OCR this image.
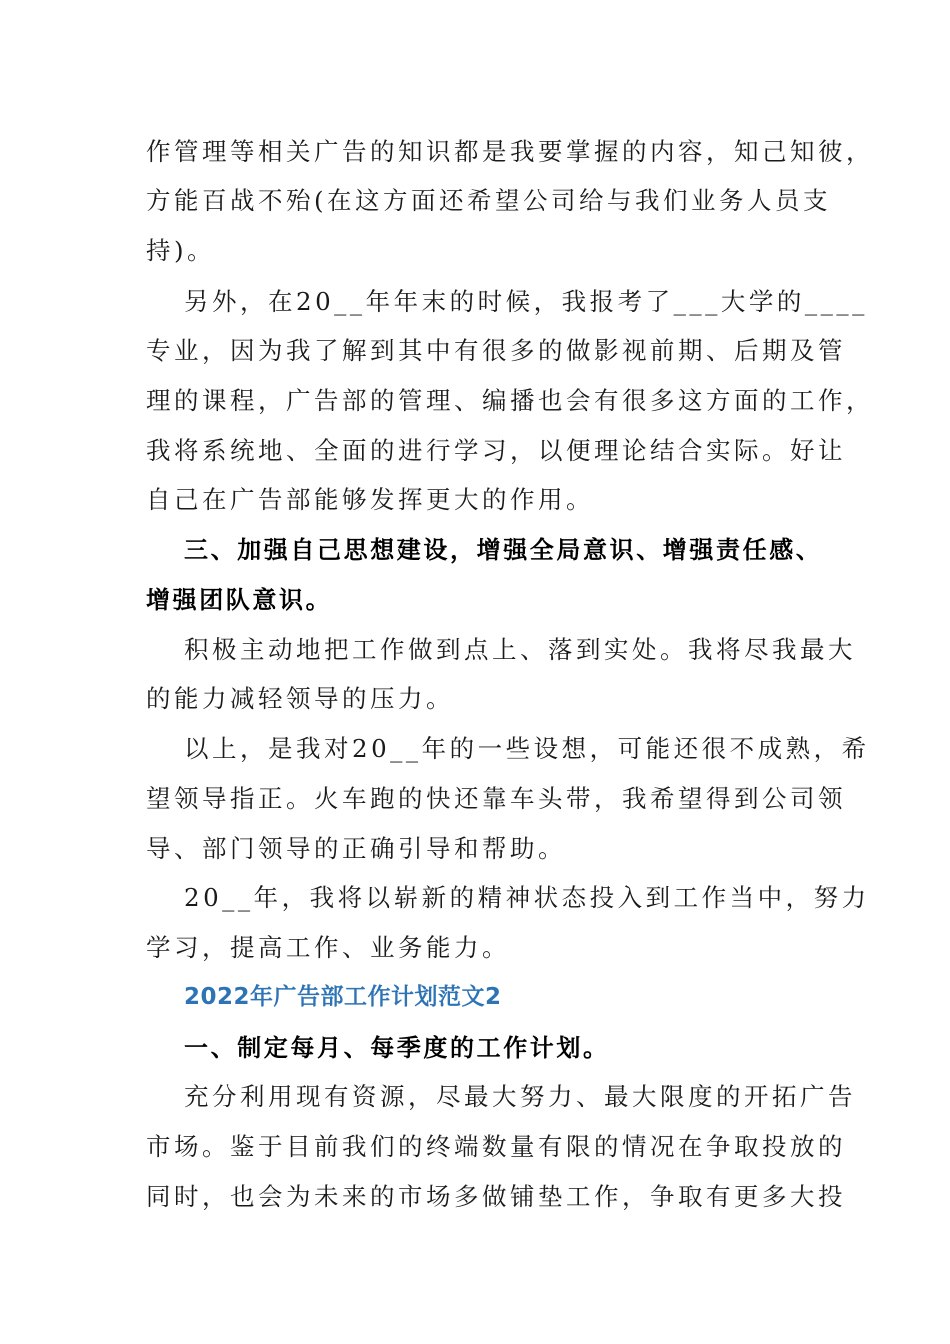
作管理等相关广告的知识都是我要掌握的内容，知己知彼，
方能百战不殆(在这方面还希望公司给与我们业务人员支
持)。
另外，在20__年年末的时候，我报考了___大学的____
专业，因为我了解到其中有很多的做影视前期、后期及管
理的课程，广告部的管理、编播也会有很多这方面的工作，
我将系统地、全面的进行学习，以便理论结合实际。好让
自己在广告部能够发挥更大的作用。
三、加强自己思想建设，增强全局意识、增强责任感、
增强团队意识。
积极主动地把工作做到点上、落到实处。我将尽我最大
的能力减轻领导的压力。
以上，是我对20__年的一些设想，可能还很不成熟，希
望领导指正。火车跑的快还靠车头带，我希望得到公司领
导、部门领导的正确引导和帮助。
20__年，我将以崭新的精神状态投入到工作当中，努力
学习，提高工作、业务能力。
2022年广告部工作计划范文2
一、制定每月、每季度的工作计划。
充分利用现有资源，尽最大努力、最大限度的开拓广告
市场。鉴于目前我们的终端数量有限的情况在争取投放的
同时，也会为未来的市场多做铺垫工作，争取有更多大投
